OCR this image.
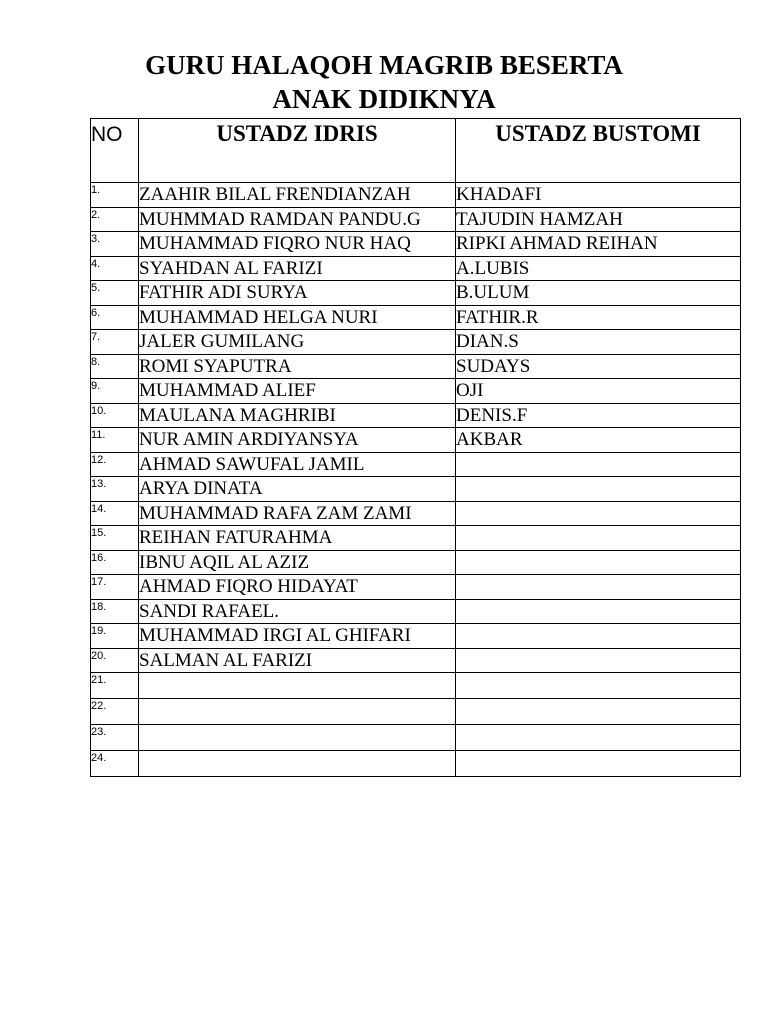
GURU HALAQOH MAGRIB BESERTA
ANAK DIDIKNYA
NO	USTADZ IDRIS	USTADZ BUSTOMI
1.	ZAAHIR BILAL FRENDIANZAH	KHADAFI
2.	MUHMMAD RAMDAN PANDU.G	TAJUDIN HAMZAH
3.	MUHAMMAD FIQRO NUR HAQ	RIPKI AHMAD REIHAN
4.	SYAHDAN AL FARIZI	A.LUBIS
5.	FATHIR ADI SURYA	B.ULUM
6.	MUHAMMAD HELGA NURI	FATHIR.R
7.	JALER GUMILANG	DIAN.S
8.	ROMI SYAPUTRA	SUDAYS
9.	MUHAMMAD ALIEF	OJI
10.	MAULANA MAGHRIBI	DENIS.F
11.	NUR AMIN ARDIYANSYA	AKBAR
12.	AHMAD SAWUFAL JAMIL	
13.	ARYA DINATA	
14.	MUHAMMAD RAFA ZAM ZAMI	
15.	REIHAN FATURAHMA	
16.	IBNU AQIL AL AZIZ	
17.	AHMAD FIQRO HIDAYAT	
18.	SANDI RAFAEL.	
19.	MUHAMMAD IRGI AL GHIFARI	
20.	SALMAN AL FARIZI	
21.		
22.		
23.		
24.		
